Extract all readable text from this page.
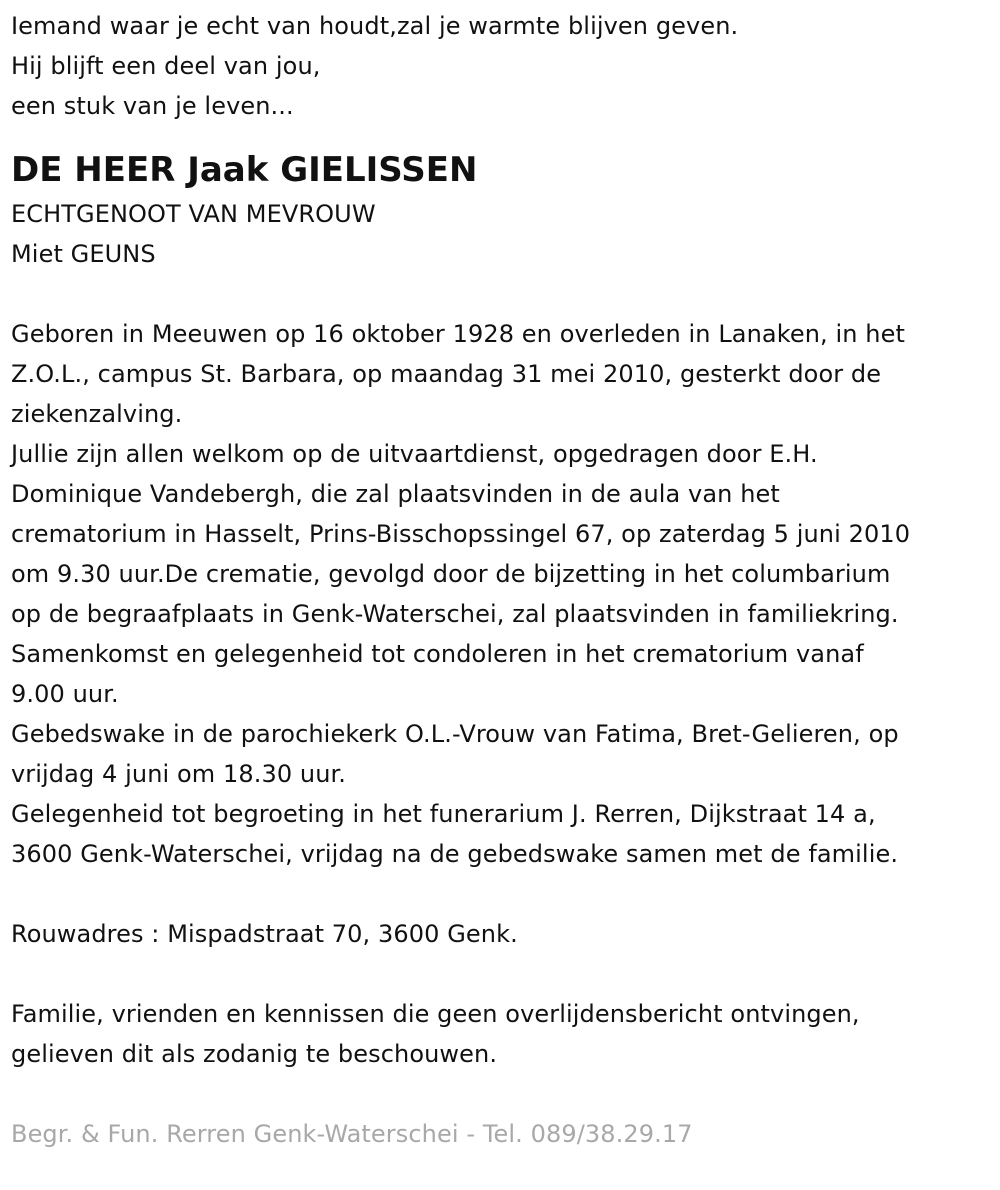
Iemand waar je echt van houdt,zal je warmte blijven geven.
Hij blijft een deel van jou,
een stuk van je leven...
DE HEER Jaak GIELISSEN
ECHTGENOOT VAN MEVROUW
Miet GEUNS
Geboren in Meeuwen op 16 oktober 1928 en overleden in Lanaken, in het
Z.O.L., campus St. Barbara, op maandag 31 mei 2010, gesterkt door de
ziekenzalving.
Jullie zijn allen welkom op de uitvaartdienst, opgedragen door E.H.
Dominique Vandebergh, die zal plaatsvinden in de aula van het
crematorium in Hasselt, Prins-Bisschopssingel 67, op zaterdag 5 juni 2010
om 9.30 uur.De crematie, gevolgd door de bijzetting in het columbarium
op de begraafplaats in Genk-Waterschei, zal plaatsvinden in familiekring.
Samenkomst en gelegenheid tot condoleren in het crematorium vanaf
9.00 uur.
Gebedswake in de parochiekerk O.L.-Vrouw van Fatima, Bret-Gelieren, op
vrijdag 4 juni om 18.30 uur.
Gelegenheid tot begroeting in het funerarium J. Rerren, Dijkstraat 14 a,
3600 Genk-Waterschei, vrijdag na de gebedswake samen met de familie.
Rouwadres : Mispadstraat 70, 3600 Genk.
Familie, vrienden en kennissen die geen overlijdensbericht ontvingen,
gelieven dit als zodanig te beschouwen.
Begr. & Fun. Rerren Genk-Waterschei - Tel. 089/38.29.17
